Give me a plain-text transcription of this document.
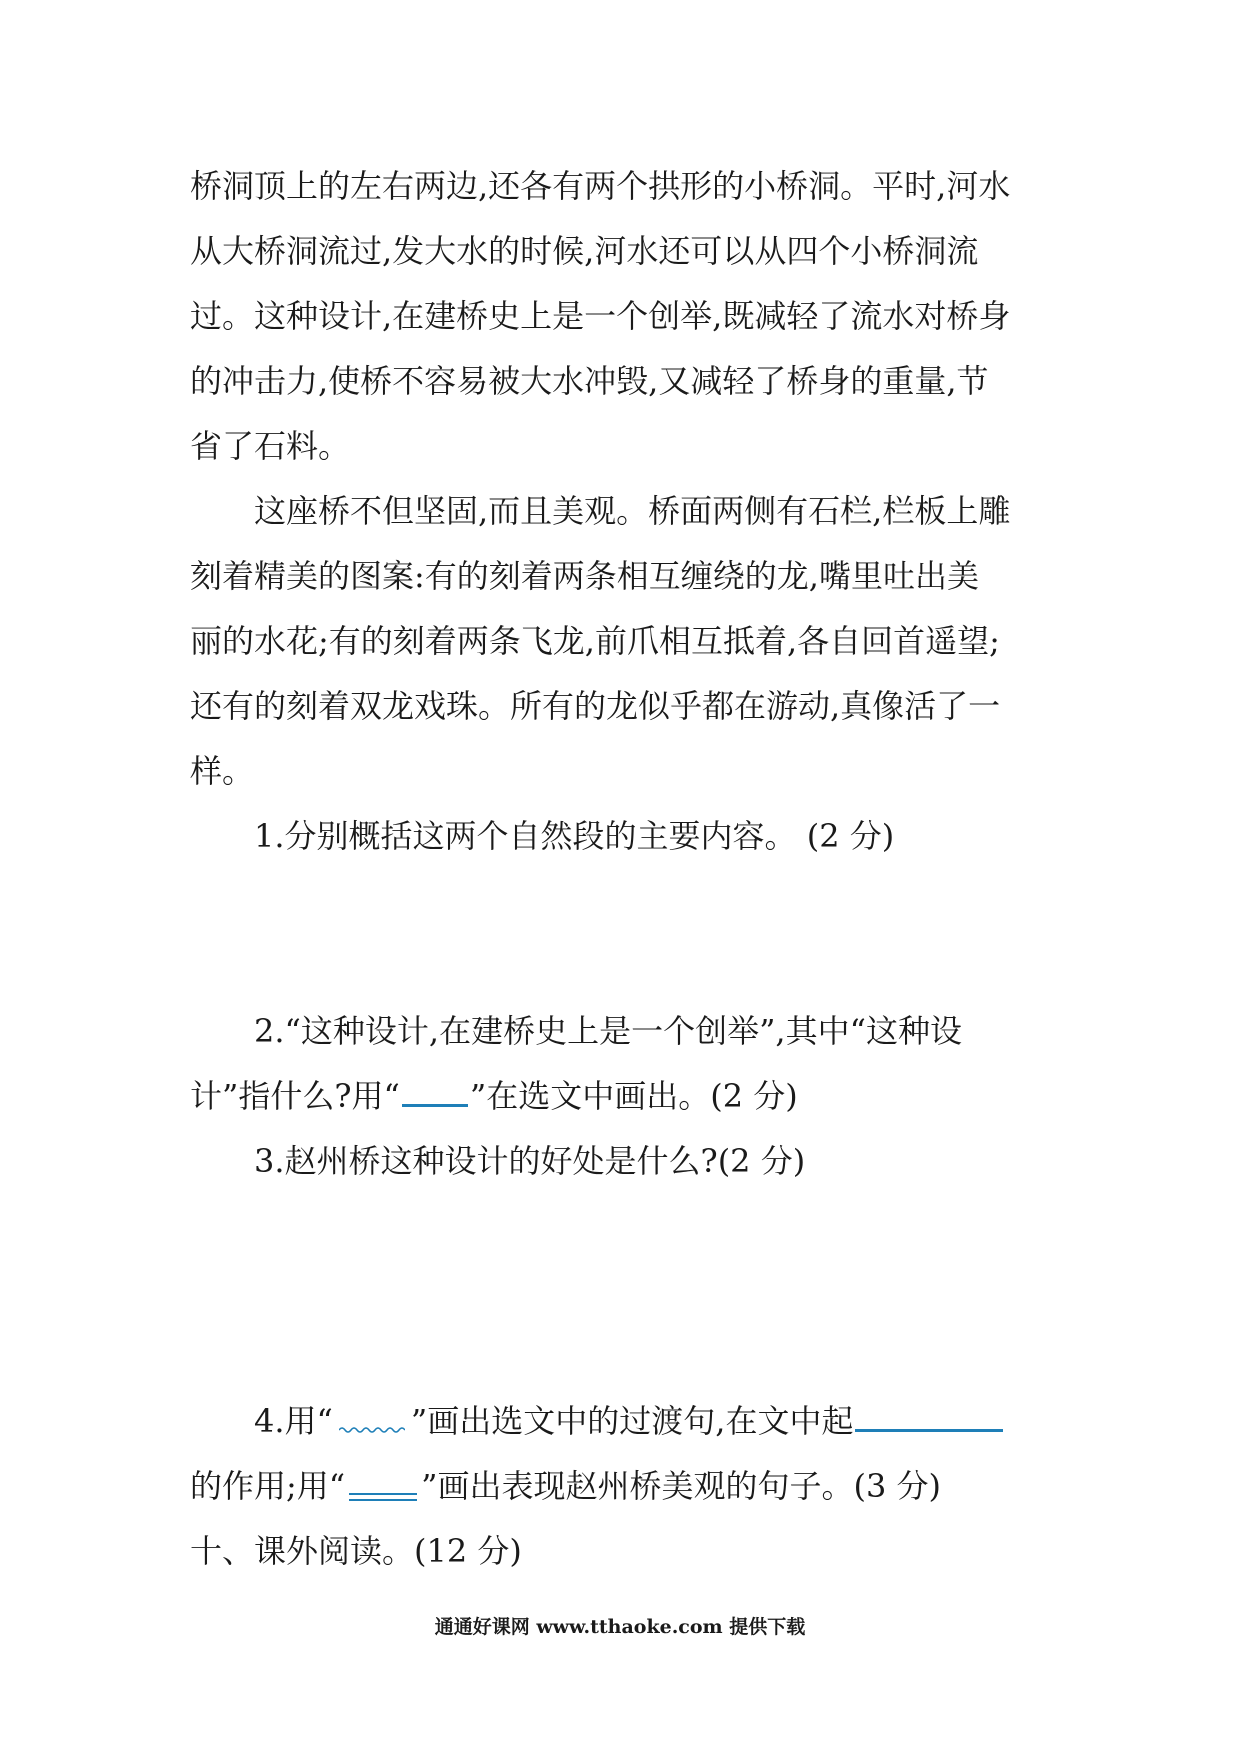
桥洞顶上的左右两边,还各有两个拱形的小桥洞。平时,河水
从大桥洞流过,发大水的时候,河水还可以从四个小桥洞流
过。这种设计,在建桥史上是一个创举,既减轻了流水对桥身
的冲击力,使桥不容易被大水冲毁,又减轻了桥身的重量,节
省了石料。
这座桥不但坚固,而且美观。桥面两侧有石栏,栏板上雕
刻着精美的图案:有的刻着两条相互缠绕的龙,嘴里吐出美
丽的水花;有的刻着两条飞龙,前爪相互抵着,各自回首遥望;
还有的刻着双龙戏珠。所有的龙似乎都在游动,真像活了一
样。
1.分别概括这两个自然段的主要内容。 (2 分)
2.“这种设计,在建桥史上是一个创举”,其中“这种设
计”指什么?用“ ”在选文中画出。(2 分)
3.赵州桥这种设计的好处是什么?(2 分)
4.用“ ”画出选文中的过渡句,在文中起
的作用;用“ ”画出表现赵州桥美观的句子。(3 分)
十、课外阅读。(12 分)
通通好课网 www.tthaoke.com 提供下载
